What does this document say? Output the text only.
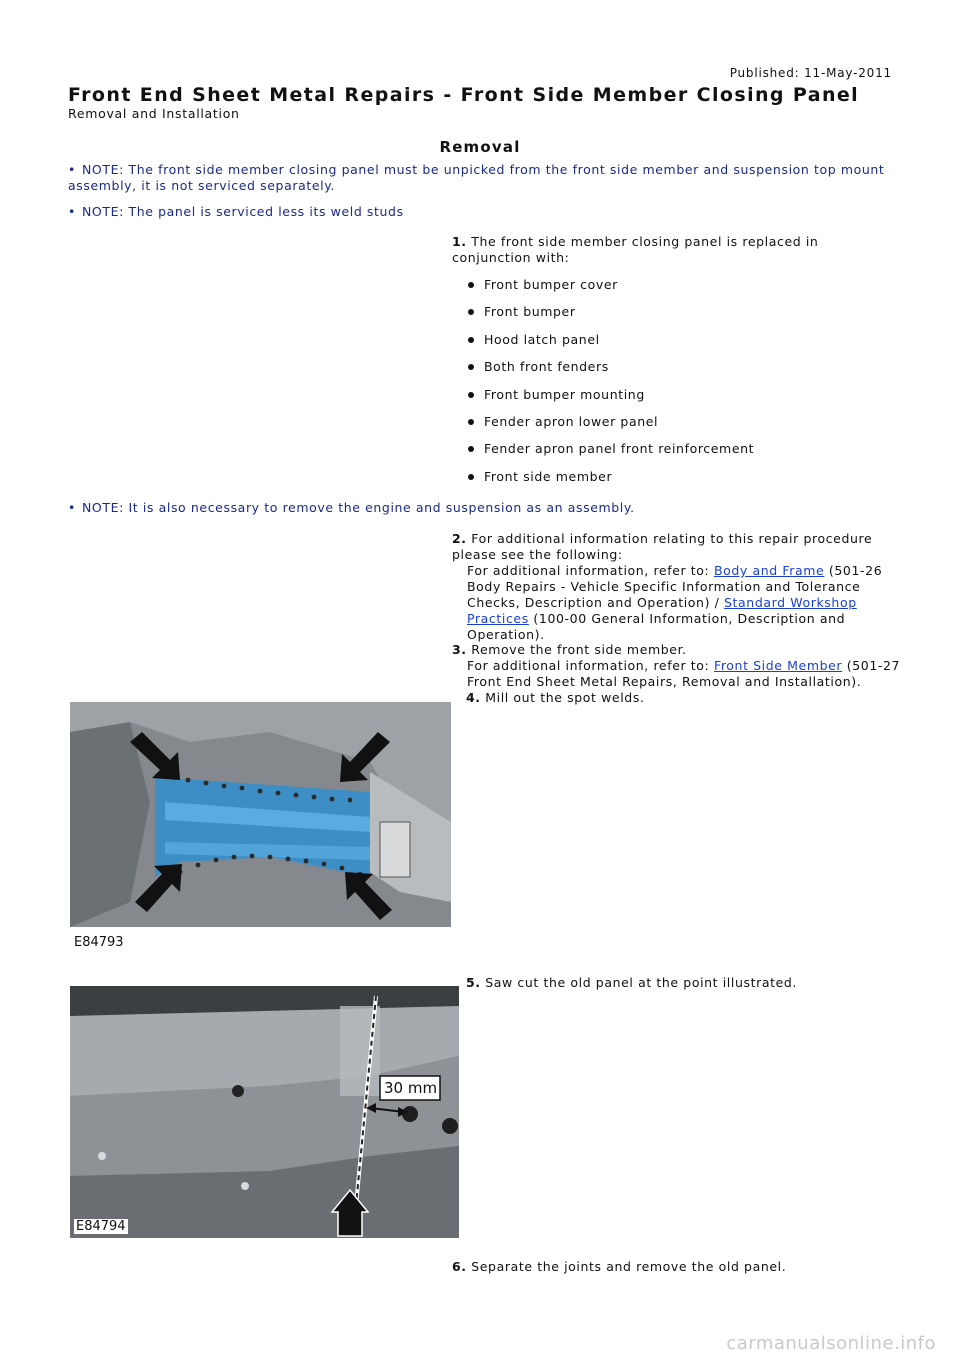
Published: 11-May-2011
Front End Sheet Metal Repairs - Front Side Member Closing Panel
Removal and Installation
Removal
• NOTE: The front side member closing panel must be unpicked from the front side member and suspension top mount assembly, it is not serviced separately.
• NOTE: The panel is serviced less its weld studs
1. The front side member closing panel is replaced in conjunction with:
Front bumper cover
Front bumper
Hood latch panel
Both front fenders
Front bumper mounting
Fender apron lower panel
Fender apron panel front reinforcement
Front side member
• NOTE: It is also necessary to remove the engine and suspension as an assembly.
2. For additional information relating to this repair procedure please see the following:
For additional information, refer to: Body and Frame (501-26 Body Repairs - Vehicle Specific Information and Tolerance Checks, Description and Operation) / Standard Workshop Practices (100-00 General Information, Description and Operation).
3. Remove the front side member.
For additional information, refer to: Front Side Member (501-27 Front End Sheet Metal Repairs, Removal and Installation).
4. Mill out the spot welds.
E84793
5. Saw cut the old panel at the point illustrated.
30 mm
E84794
6. Separate the joints and remove the old panel.
carmanualsonline.info
